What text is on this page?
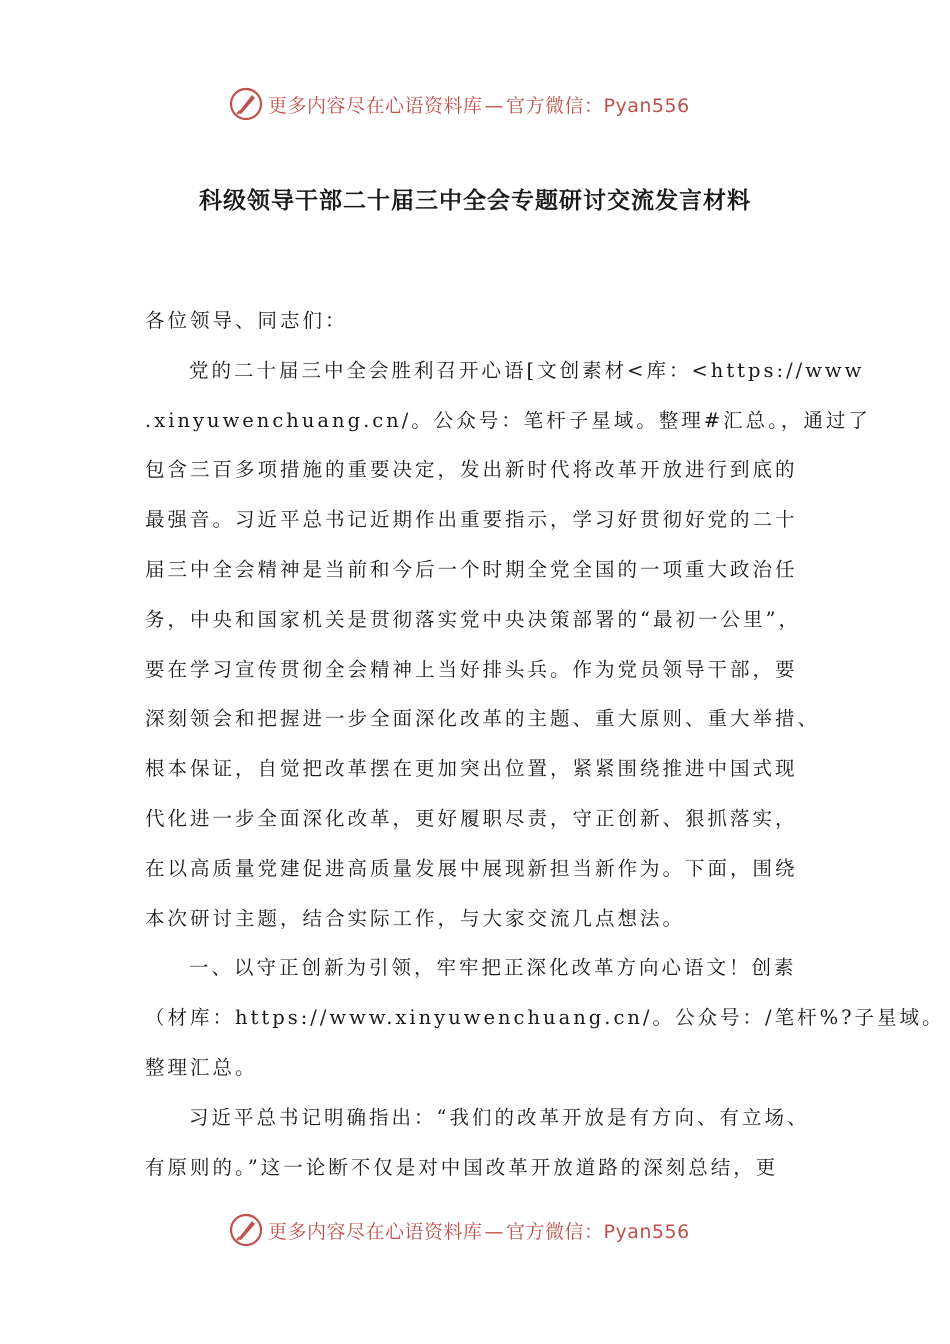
更多内容尽在心语资料库 — 官方微信：Pyan556
科级领导干部二十届三中全会专题研讨交流发言材料
各位领导、同志们：
党的二十届三中全会胜利召开心语[文创素材<库：<https://www
.xinyuwenchuang.cn/。公众号：笔杆子星域。整理#汇总。，通过了
包含三百多项措施的重要决定，发出新时代将改革开放进行到底的
最强音。习近平总书记近期作出重要指示，学习好贯彻好党的二十
届三中全会精神是当前和今后一个时期全党全国的一项重大政治任
务，中央和国家机关是贯彻落实党中央决策部署的“最初一公里”，
要在学习宣传贯彻全会精神上当好排头兵。作为党员领导干部，要
深刻领会和把握进一步全面深化改革的主题、重大原则、重大举措、
根本保证，自觉把改革摆在更加突出位置，紧紧围绕推进中国式现
代化进一步全面深化改革，更好履职尽责，守正创新、狠抓落实，
在以高质量党建促进高质量发展中展现新担当新作为。下面，围绕
本次研讨主题，结合实际工作，与大家交流几点想法。
一、以守正创新为引领，牢牢把正深化改革方向心语文！创素
（材库：https://www.xinyuwenchuang.cn/。公众号：/笔杆%?子星域。
整理汇总。
习近平总书记明确指出：“我们的改革开放是有方向、有立场、
有原则的。”这一论断不仅是对中国改革开放道路的深刻总结，更
更多内容尽在心语资料库 — 官方微信：Pyan556
